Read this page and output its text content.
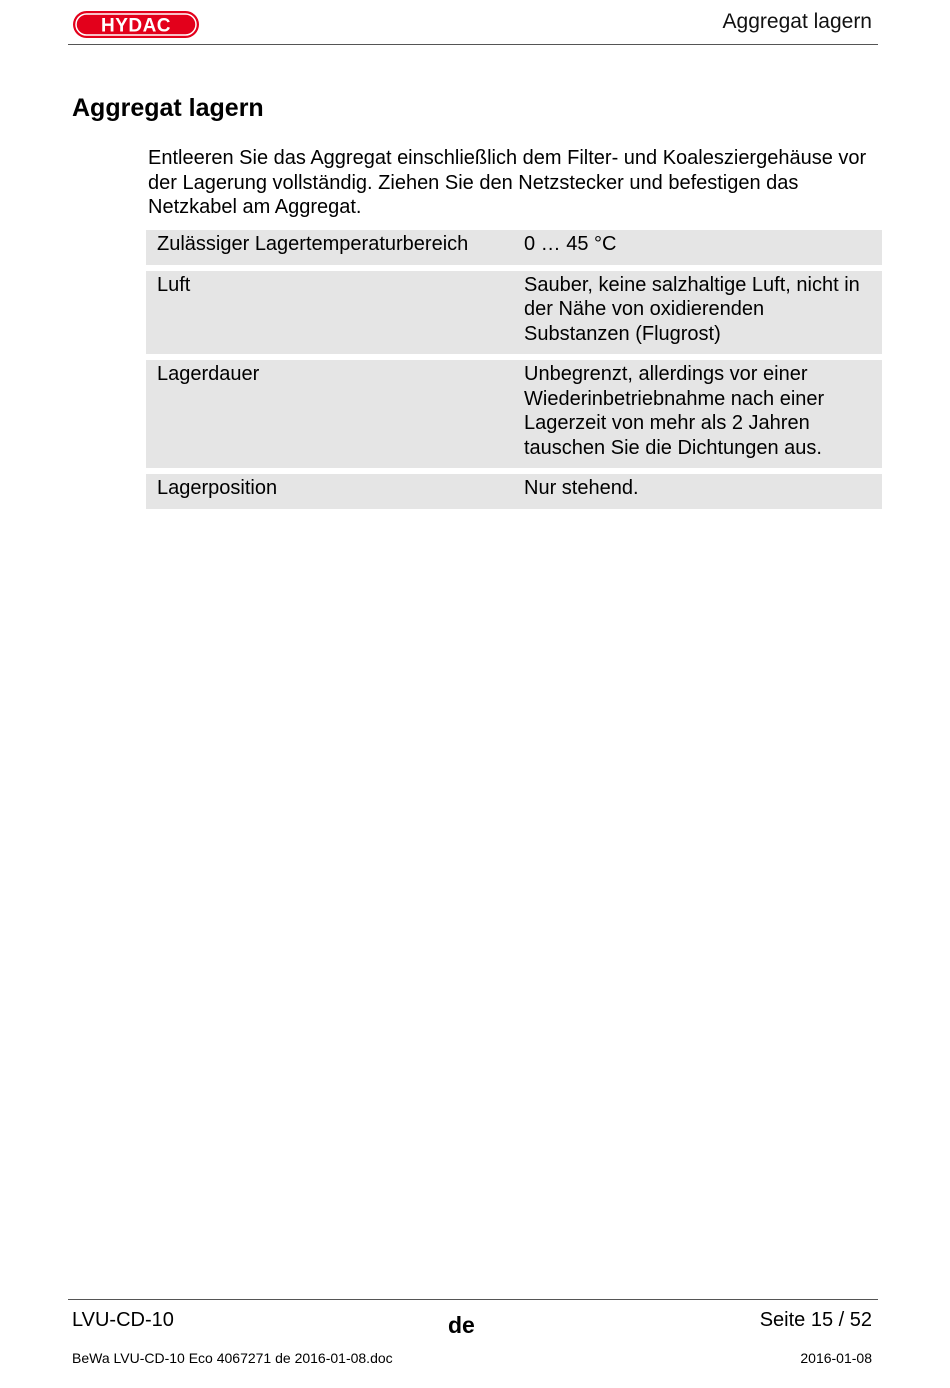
HYDAC	Aggregat lagern
Aggregat lagern

Entleeren Sie das Aggregat einschließlich dem Filter- und Koalesziergehäuse vor der Lagerung vollständig. Ziehen Sie den Netzstecker und befestigen das Netzkabel am Aggregat.

Zulässiger Lagertemperaturbereich	0 … 45 °C
Luft	Sauber, keine salzhaltige Luft, nicht in der Nähe von oxidierenden Substanzen (Flugrost)
Lagerdauer	Unbegrenzt, allerdings vor einer Wiederinbetriebnahme nach einer Lagerzeit von mehr als 2 Jahren tauschen Sie die Dichtungen aus.
Lagerposition	Nur stehend.
LVU-CD-10	de	Seite 15 / 52
BeWa LVU-CD-10 Eco 4067271 de 2016-01-08.doc	2016-01-08
